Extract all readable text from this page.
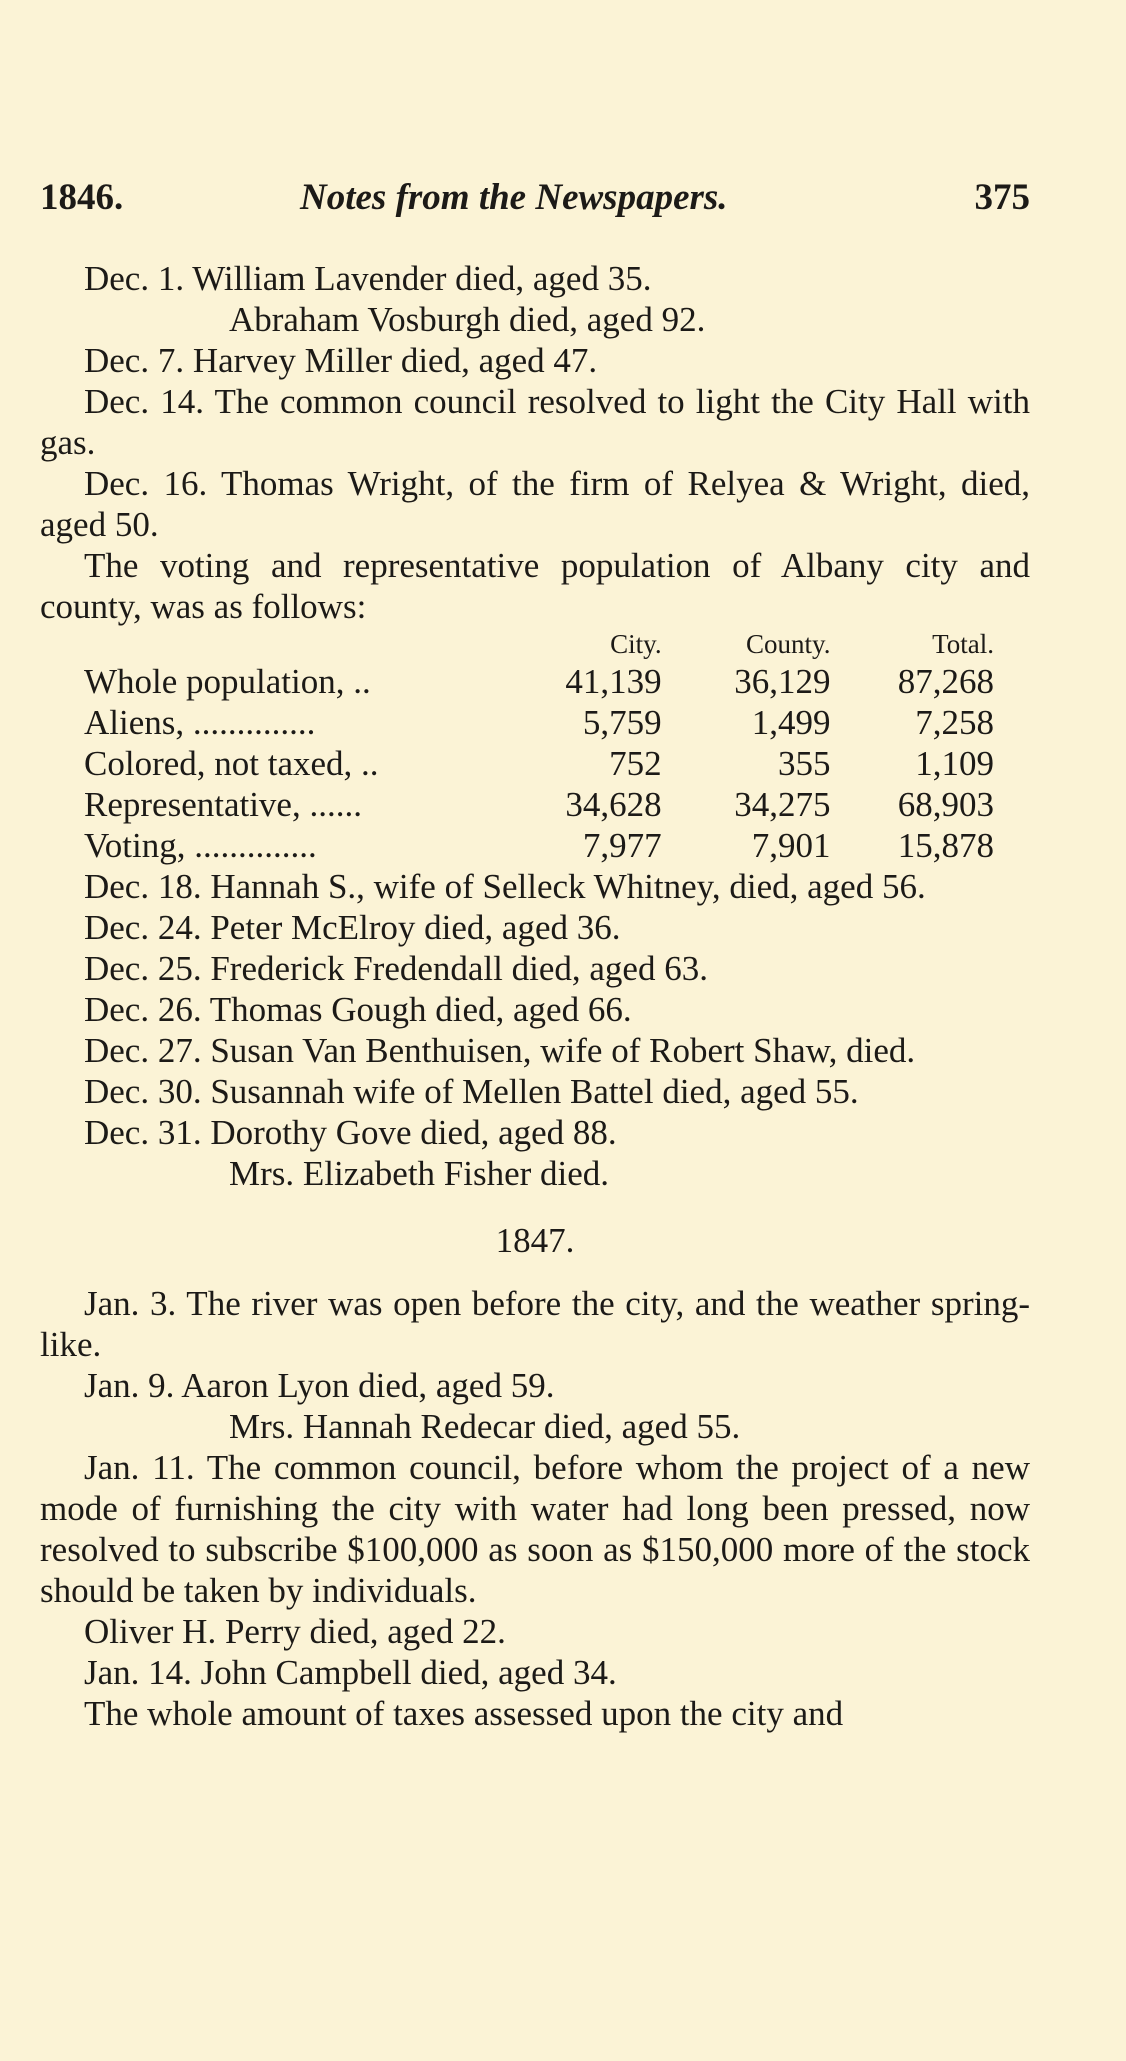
1846.	Notes from the Newspapers.	375

Dec. 1. William Lavender died, aged 35.

Abraham Vosburgh died, aged 92.

Dec. 7. Harvey Miller died, aged 47.

Dec. 14. The common council resolved to light the City Hall with gas.

Dec. 16. Thomas Wright, of the firm of Relyea & Wright, died, aged 50.

The voting and representative population of Albany city and county, was as follows:

	City.	County.	Total.
Whole population, ..	41,139	36,129	87,268
Aliens, ..............	5,759	1,499	7,258
Colored, not taxed, ..	752	355	1,109
Representative, ......	34,628	34,275	68,903
Voting, ..............	7,977	7,901	15,878

Dec. 18. Hannah S., wife of Selleck Whitney, died, aged 56.

Dec. 24. Peter McElroy died, aged 36.

Dec. 25. Frederick Fredendall died, aged 63.

Dec. 26. Thomas Gough died, aged 66.

Dec. 27. Susan Van Benthuisen, wife of Robert Shaw, died.

Dec. 30. Susannah wife of Mellen Battel died, aged 55.

Dec. 31. Dorothy Gove died, aged 88.

Mrs. Elizabeth Fisher died.

1847.

Jan. 3. The river was open before the city, and the weather spring-like.

Jan. 9. Aaron Lyon died, aged 59.

Mrs. Hannah Redecar died, aged 55.

Jan. 11. The common council, before whom the project of a new mode of furnishing the city with water had long been pressed, now resolved to subscribe $100,000 as soon as $150,000 more of the stock should be taken by individuals.

Oliver H. Perry died, aged 22.

Jan. 14. John Campbell died, aged 34.

The whole amount of taxes assessed upon the city and
